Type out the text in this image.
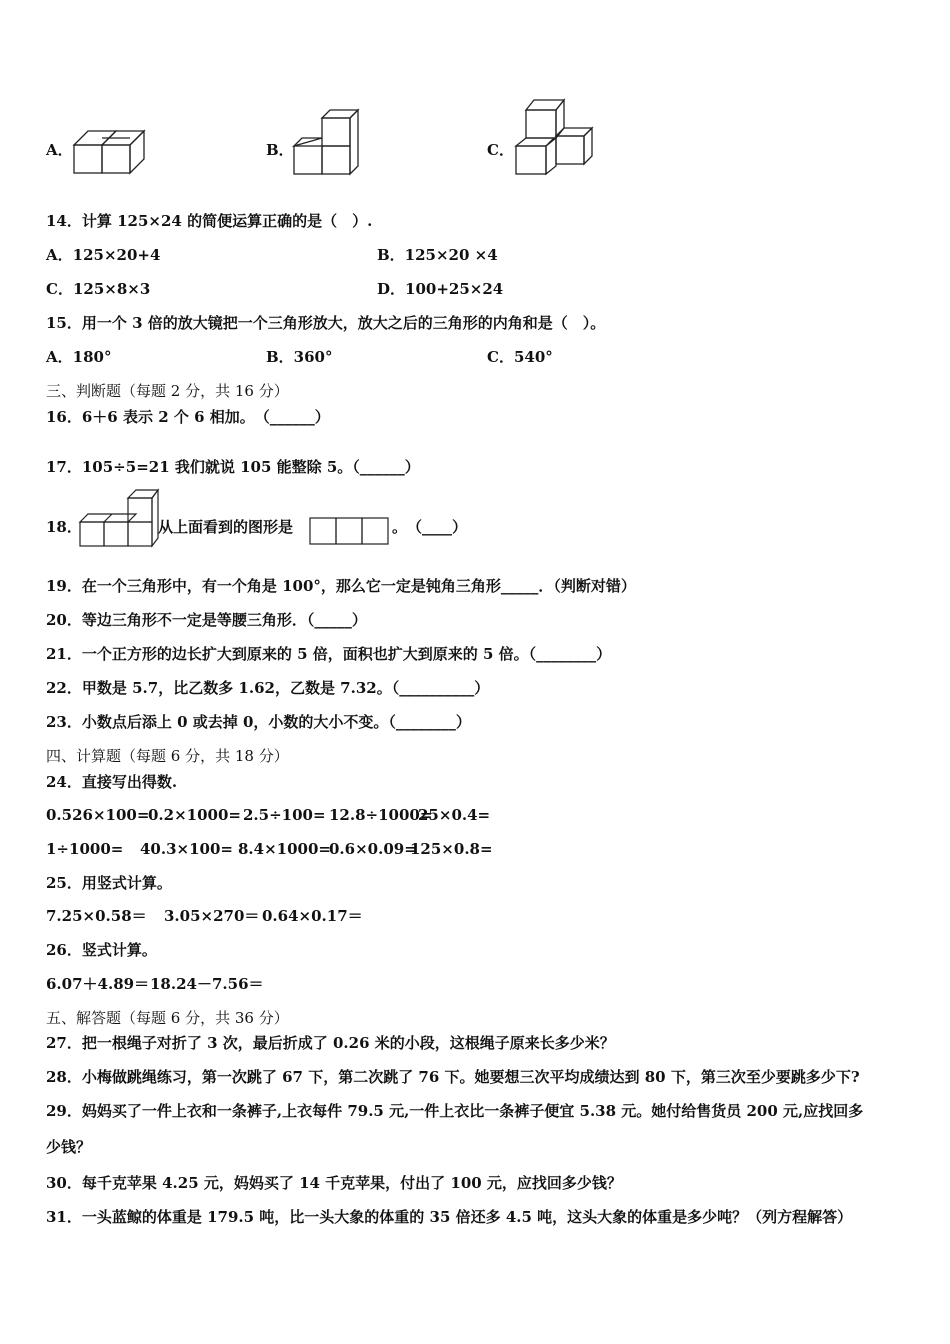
A．	B．	C．
14．计算 125×24 的简便运算正确的是（　）.
A．125×20+4	B．125×20 ×4
C．125×8×3	D．100+25×24
15．用一个 3 倍的放大镜把一个三角形放大，放大之后的三角形的内角和是（　）。
A．180°	B．360°	C．540°
三、判断题（每题 2 分，共 16 分）
16．6＋6 表示 2 个 6 相加。　（______）
17．105÷5=21 我们就说 105 能整除 5。（______）
18．	从上面看到的图形是	。　（____）
19．在一个三角形中，有一个角是 100°，那么它一定是钝角三角形_____．（判断对错）
20．等边三角形不一定是等腰三角形．（_____）
21．一个正方形的边长扩大到原来的 5 倍，面积也扩大到原来的 5 倍。（________）
22．甲数是 5.7，比乙数多 1.62，乙数是 7.32。（__________）
23．小数点后添上 0 或去掉 0，小数的大小不变。（________）
四、计算题（每题 6 分，共 18 分）
24．直接写出得数.
0.526×100=
0.2×1000= 2.5÷100= 12.8÷1000=
25×0.4=
1÷1000= 40.3×100= 8.4×1000=
0.6×0.09=
125×0.8=
25．用竖式计算。
7.25×0.58＝ 3.05×270＝ 0.64×0.17＝
26．竖式计算。
6.07＋4.89＝ 18.24－7.56＝
五、解答题（每题 6 分，共 36 分）
27．把一根绳子对折了 3 次，最后折成了 0.26 米的小段，这根绳子原来长多少米？
28．小梅做跳绳练习，第一次跳了 67 下，第二次跳了 76 下。她要想三次平均成绩达到 80 下，第三次至少要跳多少下?
29．妈妈买了一件上衣和一条裤子,上衣每件 79.5 元,一件上衣比一条裤子便宜 5.38 元。她付给售货员 200 元,应找回多
少钱？
30．每千克苹果 4.25 元，妈妈买了 14 千克苹果，付出了 100 元，应找回多少钱？
31．一头蓝鲸的体重是 179.5 吨，比一头大象的体重的 35 倍还多 4.5 吨，这头大象的体重是多少吨？（列方程解答）
